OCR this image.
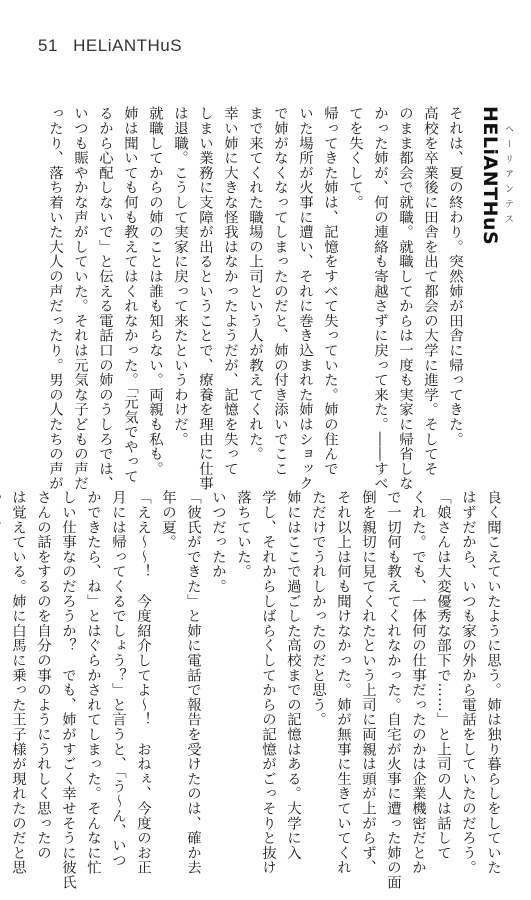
51 HELiANTHuS
HELiANTHuS ヘーリアンテス
それは、夏の終わり。突然姉が田舎に帰ってきた。
高校を卒業後に田舎を出て都会の大学に進学。そしてそ
のまま都会で就職。就職してからは一度も実家に帰省しな
かった姉が、何の連絡も寄越さずに戻って来た。――すべ
てを失くして。
帰ってきた姉は、記憶をすべて失っていた。姉の住んで
いた場所が火事に遭い、それに巻き込まれた姉はショック
で姉がなくなってしまったのだと、姉の付き添いでここ
まで来てくれた職場の上司という人が教えてくれた。
幸い姉に大きな怪我はなかったようだが、記憶を失って
しまい業務に支障が出るということで、療養を理由に仕事
は退職。こうして実家に戻って来たというわけだ。
就職してからの姉のことは誰も知らない。両親も私も。
姉は聞いても何も教えてはくれなかった。「元気でやって
るから心配しないで」と伝える電話口の姉のうしろでは、
いつも賑やかな声がしていた。それは元気な子どもの声だ
ったり、落ち着いた大人の声だったり。男の人たちの声が
良く聞こえていたように思う。姉は独り暮らしをしていた
はずだから、いつも家の外から電話をしていたのだろう。
「娘さんは大変優秀な部下で……」と上司の人は話して
くれた。でも、一体何の仕事だったのかは企業機密だとか
で一切何も教えてくれなかった。自宅が火事に遭った姉の面
倒を親切に見てくれたという上司に両親は頭が上がらず、
それ以上は何も聞けなかった。姉が無事に生きていてくれ
ただけでうれしかったのだと思う。
姉にはここで過ごした高校までの記憶はある。大学に入
学し、それからしばらくしてからの記憶がごっそりと抜け
落ちていた。
いつだったか。
「彼氏ができた」と姉に電話で報告を受けたのは、確か去
年の夏。
「ええ～～！　今度紹介してよ～！　おねぇ、今度のお正
月には帰ってくるでしょう？」と言うと、「う～ん、いつ
かできたら、ね」とはぐらかされてしまった。そんなに忙
しい仕事なのだろうか？　でも、姉がすごく幸せそうに彼氏
さんの話をするのを自分の事のようにうれしく思ったの
は覚えている。姉に白馬に乗った王子様が現れたのだと思
